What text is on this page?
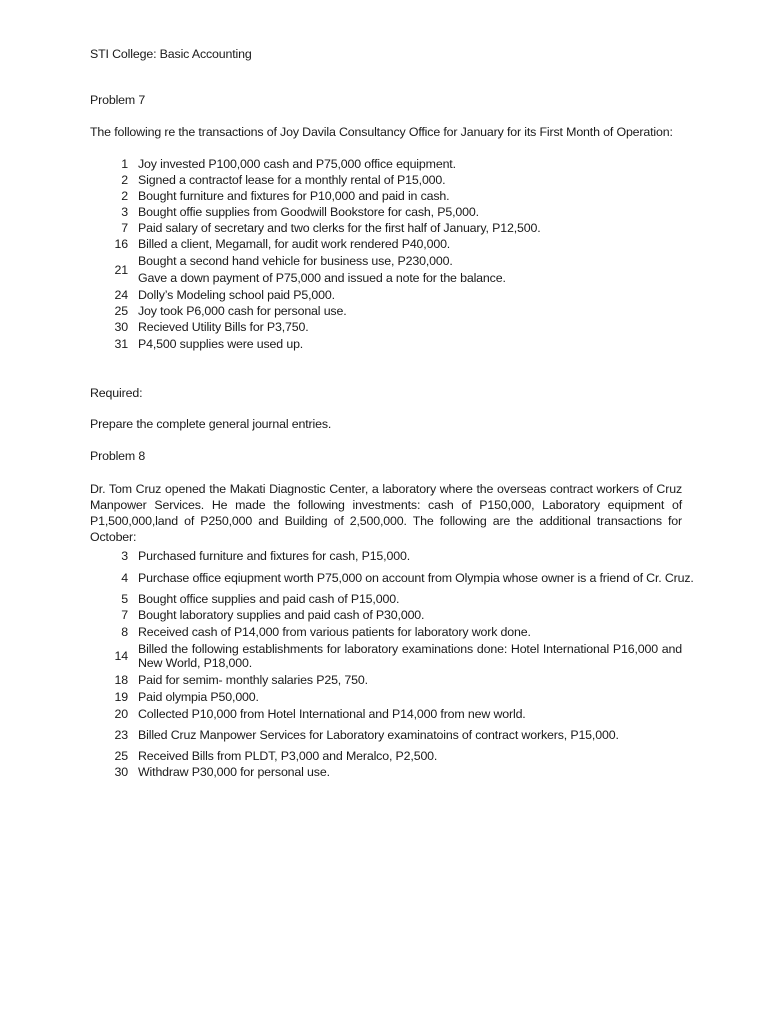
STI College: Basic Accounting
Problem 7
The following re the transactions of Joy Davila Consultancy Office for January for its First Month of Operation:
1 Joy invested P100,000 cash and P75,000 office equipment.
2 Signed a contractof lease for a monthly rental of P15,000.
2 Bought furniture and fixtures for P10,000 and paid in cash.
3 Bought offie supplies from Goodwill Bookstore for cash, P5,000.
7 Paid salary of secretary and two clerks for the first half of January, P12,500.
16 Billed a client, Megamall, for audit work rendered P40,000.
21
Bought a second hand vehicle for business use, P230,000.
Gave a down payment of P75,000 and issued a note for the balance.
24 Dolly’s Modeling school paid P5,000.
25 Joy took P6,000 cash for personal use.
30 Recieved Utility Bills for P3,750.
31 P4,500 supplies were used up.
Required:
Prepare the complete general journal entries.
Problem 8
Dr. Tom Cruz opened the Makati Diagnostic Center, a laboratory where the overseas contract workers of Cruz Manpower Services. He made the following investments: cash of P150,000, Laboratory equipment of P1,500,000,land of P250,000 and Building of 2,500,000. The following are the additional transactions for October:
3 Purchased furniture and fixtures for cash, P15,000.
4 Purchase office eqiupment worth P75,000 on account from Olympia whose owner is a friend of Cr. Cruz.
5 Bought office supplies and paid cash of P15,000.
7 Bought laboratory supplies and paid cash of P30,000.
8 Received cash of P14,000 from various patients for laboratory work done.
14 Billed the following establishments for laboratory examinations done: Hotel International P16,000 and New World, P18,000.
18 Paid for semim- monthly salaries P25, 750.
19 Paid olympia P50,000.
20 Collected P10,000 from Hotel International and P14,000 from new world.
23 Billed Cruz Manpower Services for Laboratory examinatoins of contract workers, P15,000.
25 Received Bills from PLDT, P3,000 and Meralco, P2,500.
30 Withdraw P30,000 for personal use.
